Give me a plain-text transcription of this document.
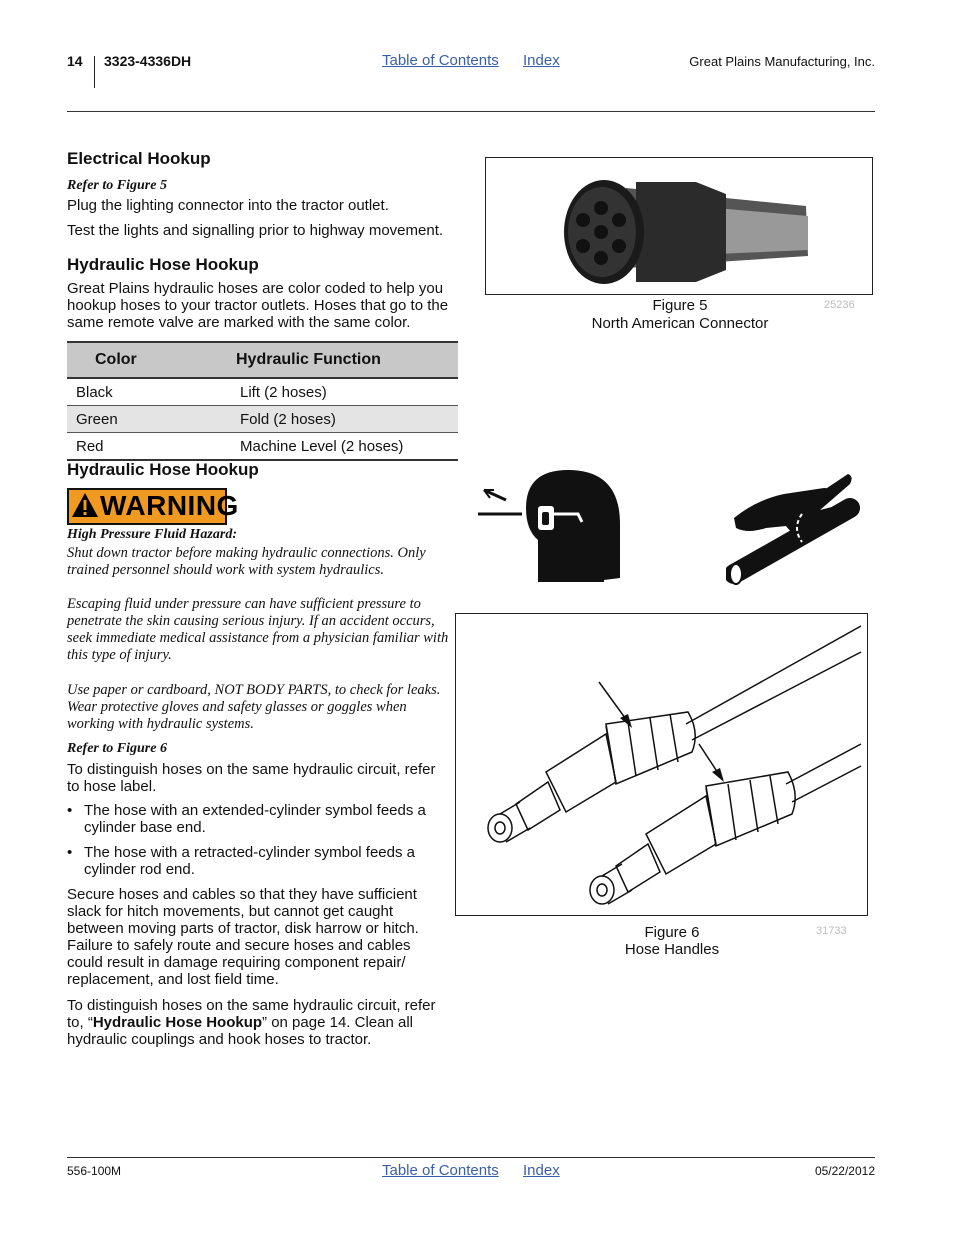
14 3323-4336DH	Table of Contents Index	Great Plains Manufacturing, Inc.
Electrical Hookup
Refer to Figure 5
Plug the lighting connector into the tractor outlet.
Test the lights and signalling prior to highway movement.
Hydraulic Hose Hookup
Great Plains hydraulic hoses are color coded to help you hookup hoses to your tractor outlets. Hoses that go to the same remote valve are marked with the same color.
Color	Hydraulic Function
Black	Lift (2 hoses)
Green	Fold (2 hoses)
Red	Machine Level (2 hoses)
Hydraulic Hose Hookup
WARNING
High Pressure Fluid Hazard:
Shut down tractor before making hydraulic connections. Only trained personnel should work with system hydraulics.
Escaping fluid under pressure can have sufficient pressure to penetrate the skin causing serious injury. If an accident occurs, seek immediate medical assistance from a physician familiar with this type of injury.
Use paper or cardboard, NOT BODY PARTS, to check for leaks. Wear protective gloves and safety glasses or goggles when working with hydraulic systems.
Refer to Figure 6
To distinguish hoses on the same hydraulic circuit, refer to hose label.
• The hose with an extended-cylinder symbol feeds a cylinder base end.
• The hose with a retracted-cylinder symbol feeds a cylinder rod end.
Secure hoses and cables so that they have sufficient slack for hitch movements, but cannot get caught between moving parts of tractor, disk harrow or hitch. Failure to safely route and secure hoses and cables could result in damage requiring component repair/ replacement, and lost field time.
To distinguish hoses on the same hydraulic circuit, refer to, “Hydraulic Hose Hookup” on page 14. Clean all hydraulic couplings and hook hoses to tractor.
Figure 5
North American Connector
25236
Figure 6
Hose Handles
31733
556-100M	Table of Contents Index	05/22/2012
